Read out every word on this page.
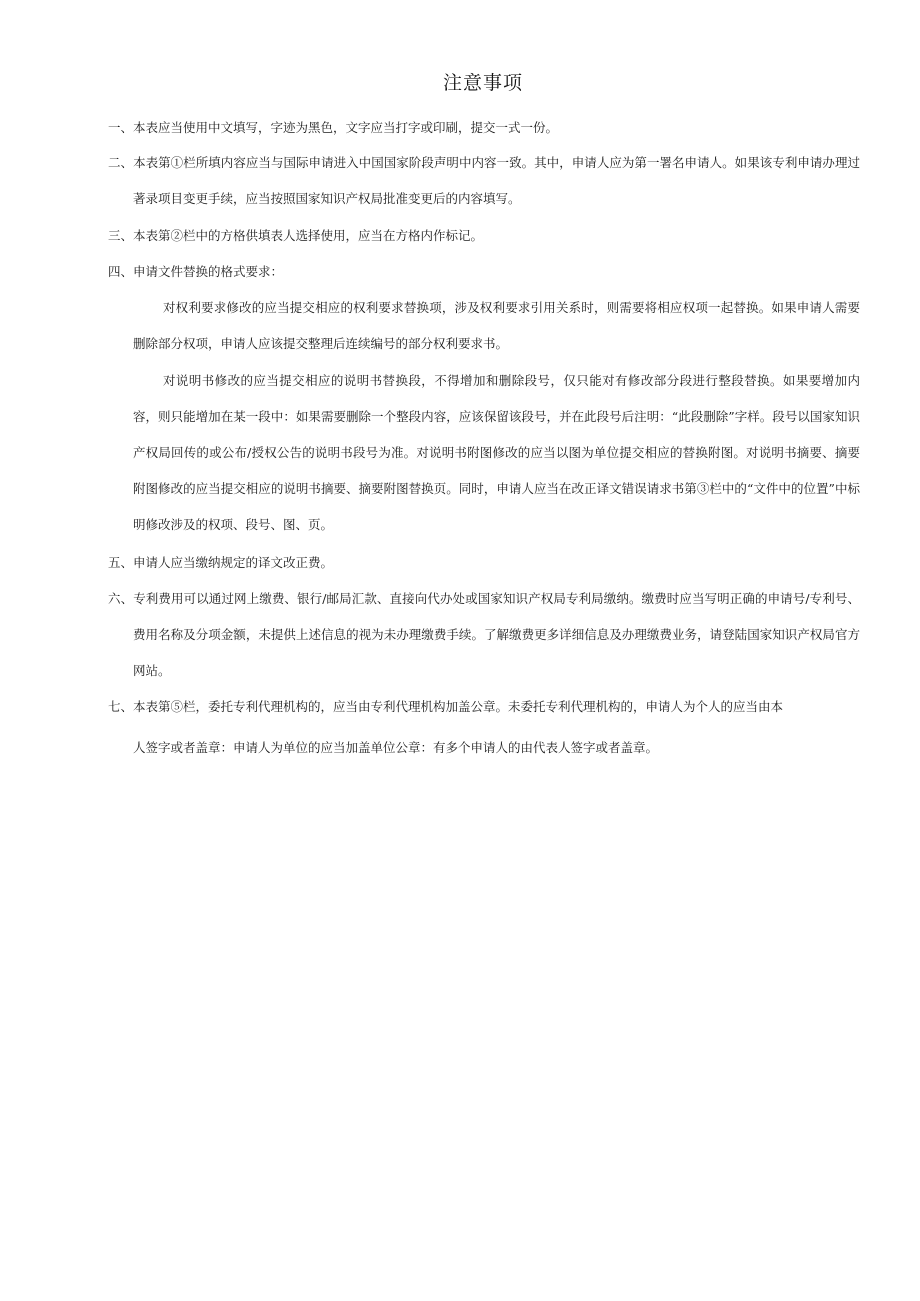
注意事项
一、本表应当使用中文填写，字迹为黑色，文字应当打字或印刷，提交一式一份。
二、本表第①栏所填内容应当与国际申请进入中国国家阶段声明中内容一致。其中，申请人应为第一署名申请人。如果该专利申请办理过著录项目变更手续，应当按照国家知识产权局批准变更后的内容填写。
三、本表第②栏中的方格供填表人选择使用，应当在方格内作标记。
四、申请文件替换的格式要求：
对权利要求修改的应当提交相应的权利要求替换项，涉及权利要求引用关系时，则需要将相应权项一起替换。如果申请人需要删除部分权项，申请人应该提交整理后连续编号的部分权利要求书。
对说明书修改的应当提交相应的说明书替换段，不得增加和删除段号，仅只能对有修改部分段进行整段替换。如果要增加内容，则只能增加在某一段中：如果需要删除一个整段内容，应该保留该段号，并在此段号后注明：“此段删除”字样。段号以国家知识产权局回传的或公布/授权公告的说明书段号为准。对说明书附图修改的应当以图为单位提交相应的替换附图。对说明书摘要、摘要附图修改的应当提交相应的说明书摘要、摘要附图替换页。同时，申请人应当在改正译文错误请求书第③栏中的“文件中的位置”中标明修改涉及的权项、段号、图、页。
五、申请人应当缴纳规定的译文改正费。
六、专利费用可以通过网上缴费、银行/邮局汇款、直接向代办处或国家知识产权局专利局缴纳。缴费时应当写明正确的申请号/专利号、费用名称及分项金额，未提供上述信息的视为未办理缴费手续。了解缴费更多详细信息及办理缴费业务，请登陆国家知识产权局官方网站。
七、本表第⑤栏，委托专利代理机构的，应当由专利代理机构加盖公章。未委托专利代理机构的，申请人为个人的应当由本
人签字或者盖章：申请人为单位的应当加盖单位公章：有多个申请人的由代表人签字或者盖章。
